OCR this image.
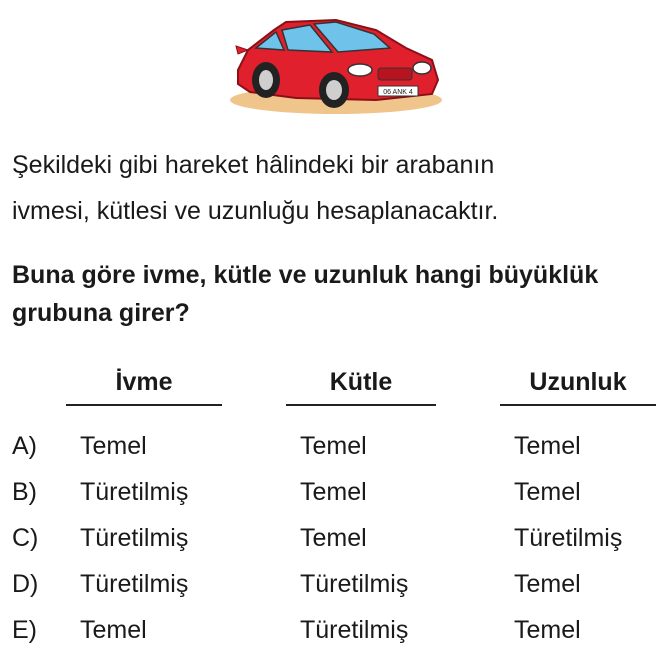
06 ANK 4

Şekildeki gibi hareket hâlindeki bir arabanın

ivmesi, kütlesi ve uzunluğu hesaplanacaktır.

Buna göre ivme, kütle ve uzunluk hangi büyüklük grubuna girer?

İvme	Kütle	Uzunluk
A) Temel	Temel	Temel
B) Türetilmiş	Temel	Temel
C) Türetilmiş	Temel	Türetilmiş
D) Türetilmiş	Türetilmiş	Temel
E) Temel	Türetilmiş	Temel
